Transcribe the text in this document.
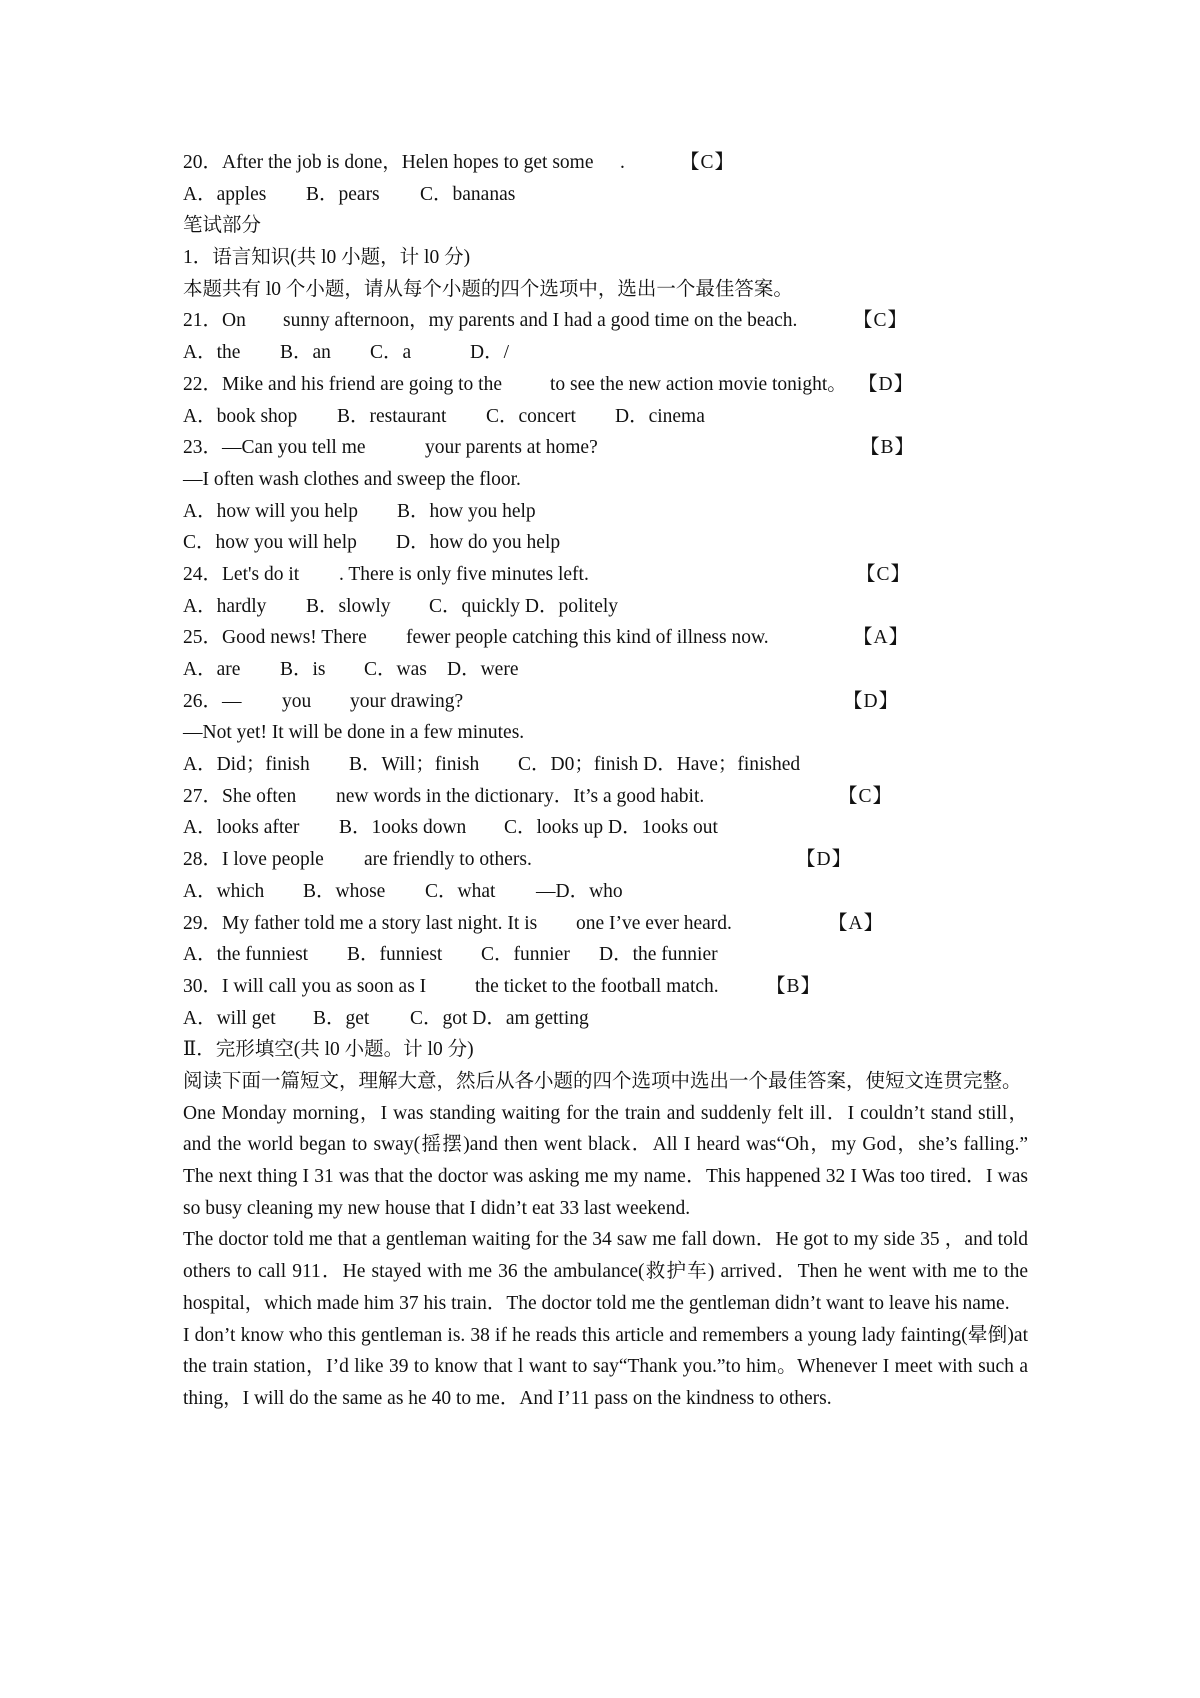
20．After the job is done，Helen hopes to get some .	【C】
A．apples B．pears C．bananas
笔试部分
1．语言知识(共 l0 小题，计 l0 分)
本题共有 l0 个小题，请从每个小题的四个选项中，选出一个最佳答案。
21．On sunny afternoon，my parents and I had a good time on the beach.	【C】
A．the B．an C．a	D．/
22．Mike and his friend are going to the to see the new action movie tonight。 【D】
A．book shop B．restaurant C．concert D．cinema
23．—Can you tell me	your parents at home?	【B】
—I often wash clothes and sweep the floor.
A．how will you help B．how you help
C．how you will help D．how do you help
24．Let's do it . There is only five minutes left.	【C】
A．hardly B．slowly C．quickly D．politely
25．Good news! There fewer people catching this kind of illness now.	【A】
A．are B．is C．was D．were
26．— you your drawing?	【D】
—Not yet! It will be done in a few minutes.
A．Did；finish B．Will；finish C．D0；finish D．Have；finished
27．She often new words in the dictionary．It’s a good habit.	【C】
A．looks after B．1ooks down C．looks up D．1ooks out
28．I love people are friendly to others.	【D】
A．which B．whose C．what —D．who
29．My father told me a story last night. It is one I’ve ever heard.	【A】
A．the funniest B．funniest C．funnier D．the funnier
30．I will call you as soon as I	the ticket to the football match. 【B】
A．will get B．get C．got D．am getting
Ⅱ．完形填空(共 l0 小题。计 l0 分)

阅读下面一篇短文，理解大意，然后从各小题的四个选项中选出一个最佳答案，使短文连贯完整。

One Monday morning，I was standing waiting for the train and suddenly felt ill．I couldn’t stand still，and the world began to sway(摇摆)and then went black．All I heard was“Oh，my God，she’s falling.” The next thing I 31 was that the doctor was asking me my name．This happened 32 I Was too tired．I was so busy cleaning my new house that I didn’t eat 33 last weekend.

The doctor told me that a gentleman waiting for the 34 saw me fall down．He got to my side 35 ，and told others to call 911．He stayed with me 36 the ambulance(救护车) arrived．Then he went with me to the hospital，which made him 37 his train．The doctor told me the gentleman didn’t want to leave his name.

I don’t know who this gentleman is. 38 if he reads this article and remembers a young lady fainting(晕倒)at the train station，I’d like 39 to know that l want to say“Thank you.”to him。Whenever I meet with such a thing，I will do the same as he 40 to me．And I’11 pass on the kindness to others.
